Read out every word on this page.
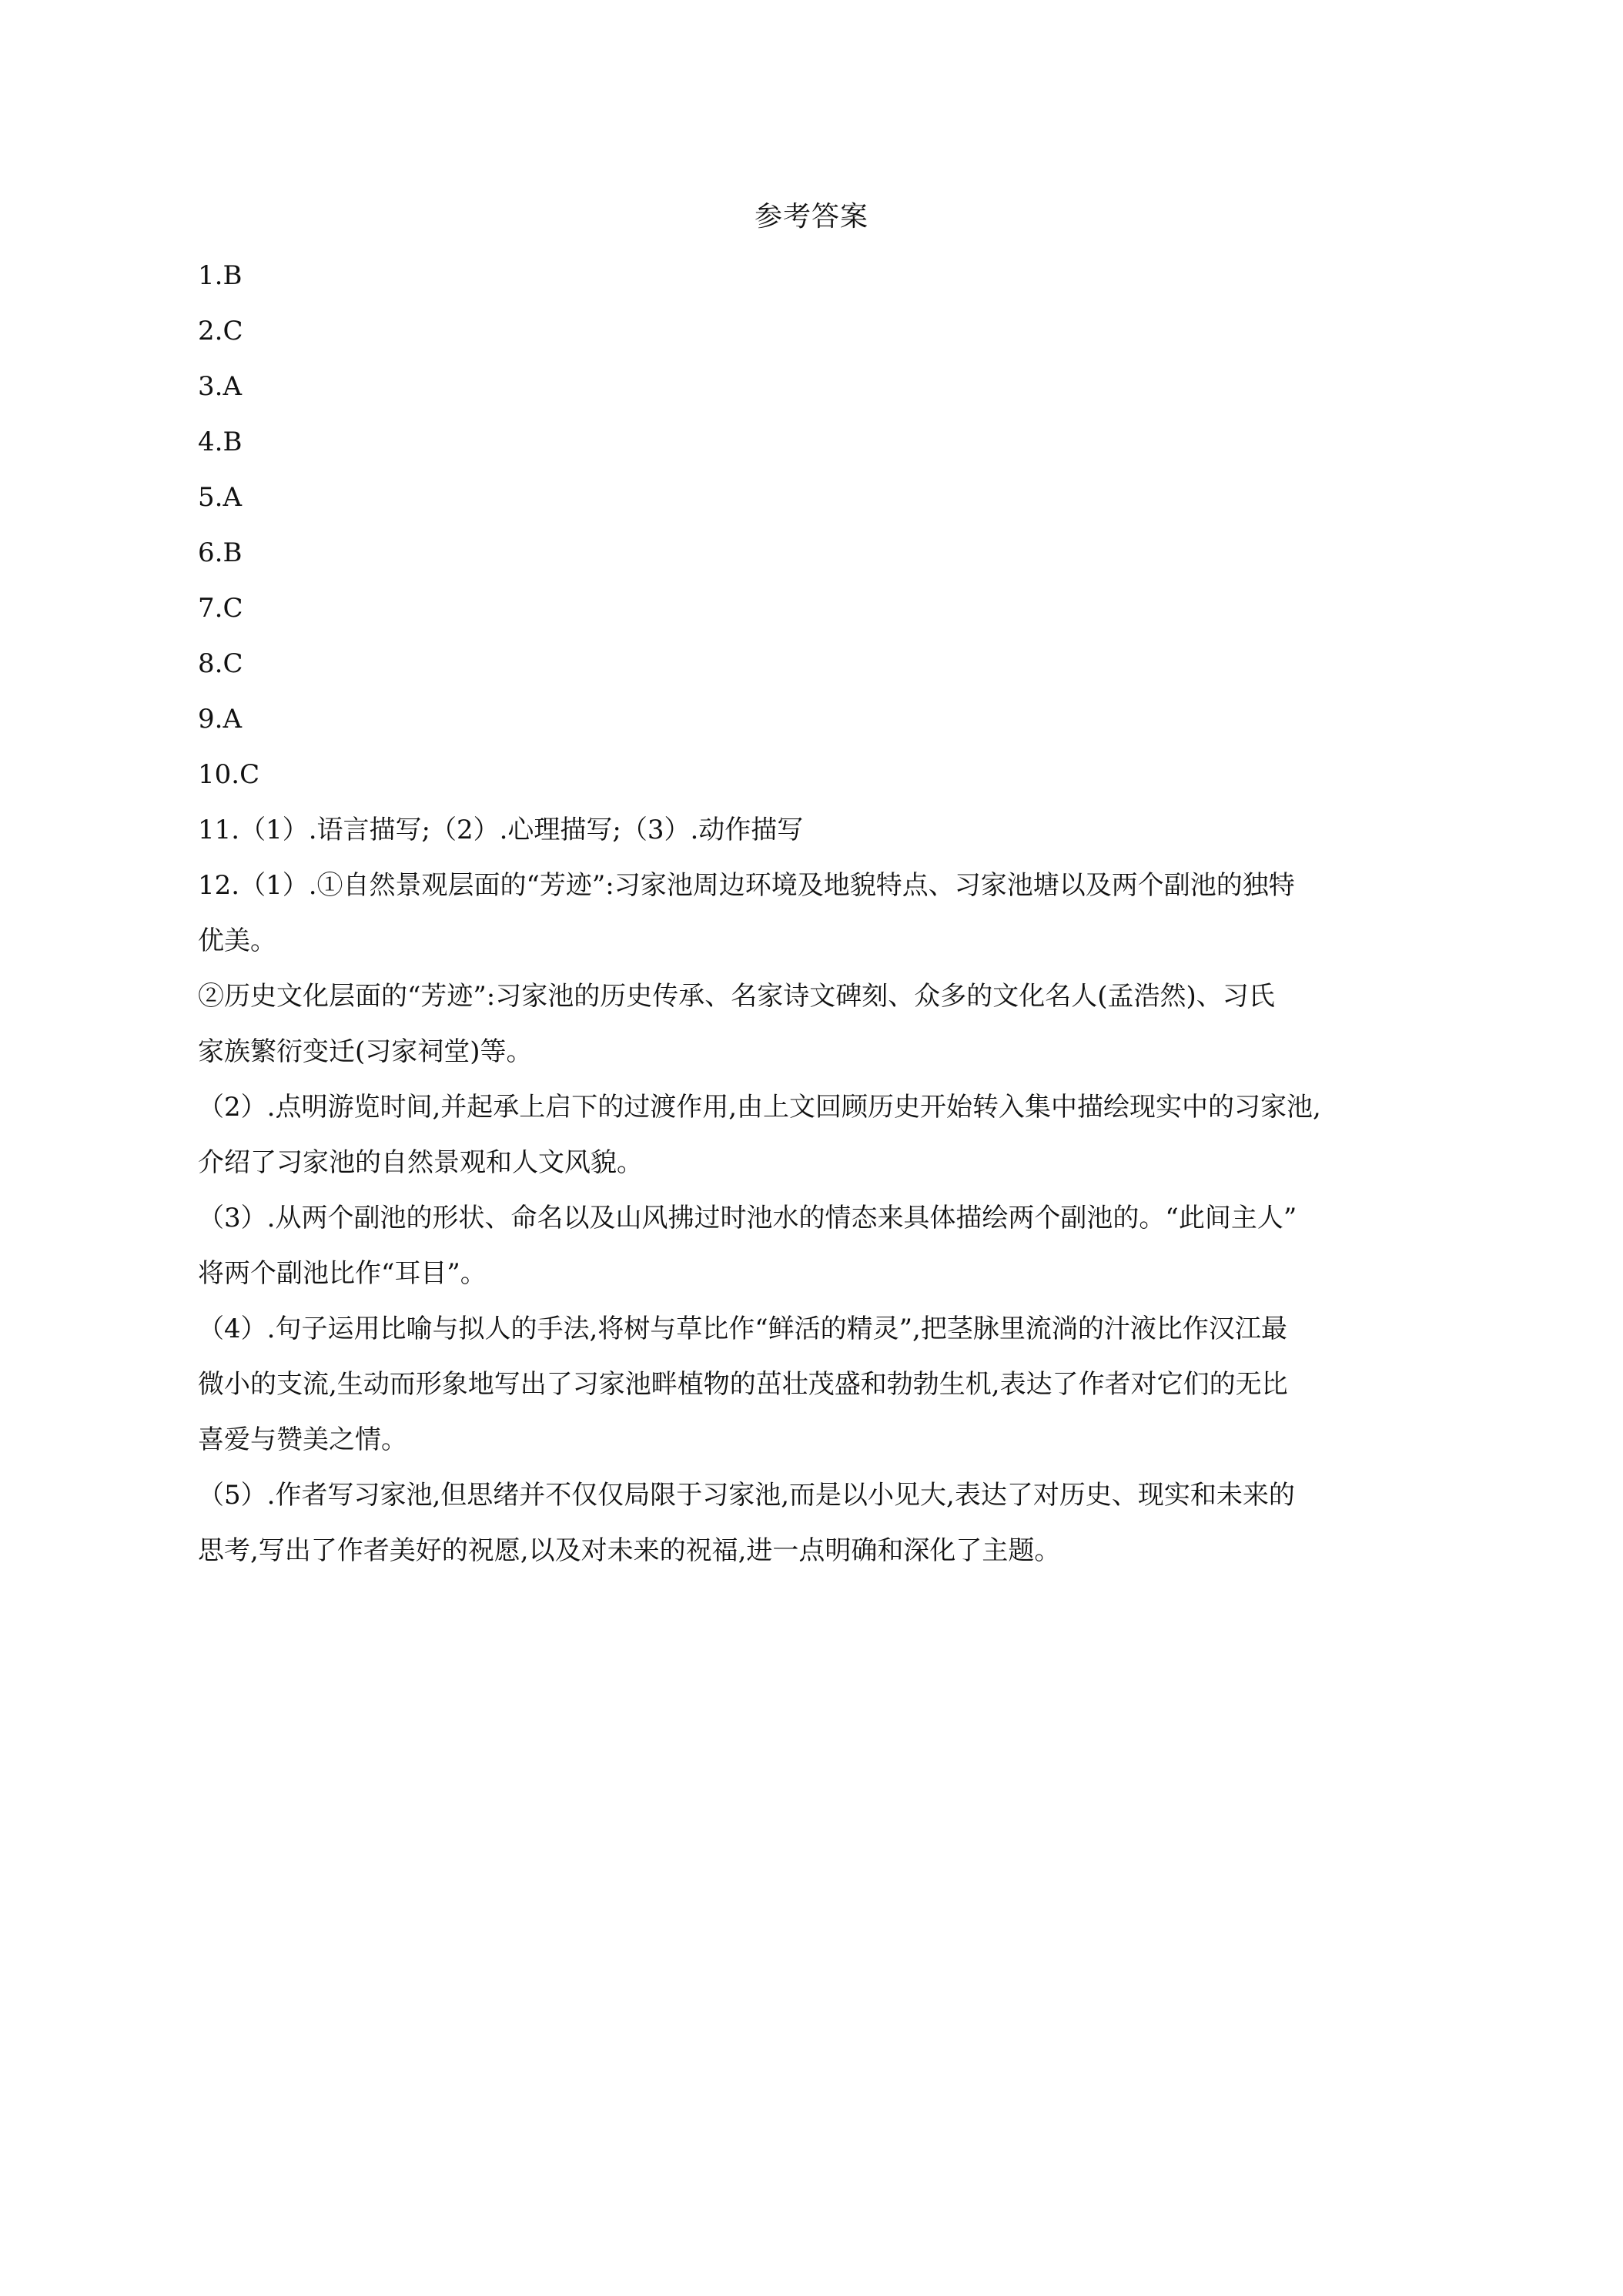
参考答案
1.B
2.C
3.A
4.B
5.A
6.B
7.C
8.C
9.A
10.C
11.（1）.语言描写;（2）.心理描写;（3）.动作描写
12.（1）.①自然景观层面的“芳迹”:习家池周边环境及地貌特点、习家池塘以及两个副池的独特
优美。
②历史文化层面的“芳迹”:习家池的历史传承、名家诗文碑刻、众多的文化名人(孟浩然)、习氏
家族繁衍变迁(习家祠堂)等。
（2）.点明游览时间,并起承上启下的过渡作用,由上文回顾历史开始转入集中描绘现实中的习家池,
介绍了习家池的自然景观和人文风貌。
（3）.从两个副池的形状、命名以及山风拂过时池水的情态来具体描绘两个副池的。“此间主人”
将两个副池比作“耳目”。
（4）.句子运用比喻与拟人的手法,将树与草比作“鲜活的精灵”,把茎脉里流淌的汁液比作汉江最
微小的支流,生动而形象地写出了习家池畔植物的茁壮茂盛和勃勃生机,表达了作者对它们的无比
喜爱与赞美之情。
（5）.作者写习家池,但思绪并不仅仅局限于习家池,而是以小见大,表达了对历史、现实和未来的
思考,写出了作者美好的祝愿,以及对未来的祝福,进一点明确和深化了主题。
